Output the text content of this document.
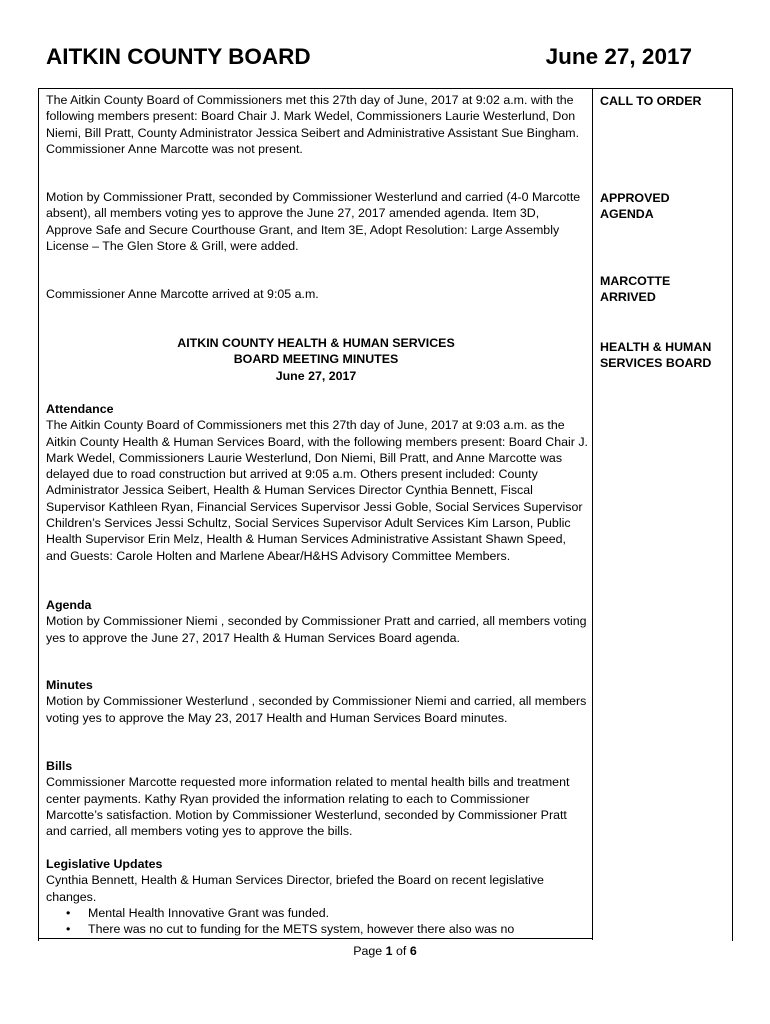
AITKIN COUNTY BOARD	June 27, 2017

The Aitkin County Board of Commissioners met this 27th day of June, 2017 at 9:02 a.m. with the following members present: Board Chair J. Mark Wedel, Commissioners Laurie Westerlund, Don Niemi, Bill Pratt, County Administrator Jessica Seibert and Administrative Assistant Sue Bingham. Commissioner Anne Marcotte was not present.

CALL TO ORDER

Motion by Commissioner Pratt, seconded by Commissioner Westerlund and carried (4-0 Marcotte absent), all members voting yes to approve the June 27, 2017 amended agenda. Item 3D, Approve Safe and Secure Courthouse Grant, and Item 3E, Adopt Resolution: Large Assembly License – The Glen Store & Grill, were added.

APPROVED
AGENDA

Commissioner Anne Marcotte arrived at 9:05 a.m.

MARCOTTE
ARRIVED
AITKIN COUNTY HEALTH & HUMAN SERVICES
BOARD MEETING MINUTES
June 27, 2017
HEALTH & HUMAN
SERVICES BOARD
Attendance

The Aitkin County Board of Commissioners met this 27th day of June, 2017 at 9:03 a.m. as the Aitkin County Health & Human Services Board, with the following members present: Board Chair J. Mark Wedel, Commissioners Laurie Westerlund, Don Niemi, Bill Pratt, and Anne Marcotte was delayed due to road construction but arrived at 9:05 a.m. Others present included: County Administrator Jessica Seibert, Health & Human Services Director Cynthia Bennett, Fiscal Supervisor Kathleen Ryan, Financial Services Supervisor Jessi Goble, Social Services Supervisor Children’s Services Jessi Schultz, Social Services Supervisor Adult Services Kim Larson, Public Health Supervisor Erin Melz, Health & Human Services Administrative Assistant Shawn Speed, and Guests: Carole Holten and Marlene Abear/H&HS Advisory Committee Members.

Agenda

Motion by Commissioner Niemi , seconded by Commissioner Pratt and carried, all members voting yes to approve the June 27, 2017 Health & Human Services Board agenda.

Minutes

Motion by Commissioner Westerlund , seconded by Commissioner Niemi and carried, all members voting yes to approve the May 23, 2017 Health and Human Services Board minutes.

Bills

Commissioner Marcotte requested more information related to mental health bills and treatment center payments. Kathy Ryan provided the information relating to each to Commissioner Marcotte’s satisfaction. Motion by Commissioner Westerlund, seconded by Commissioner Pratt and carried, all members voting yes to approve the bills.

Legislative Updates

Cynthia Bennett, Health & Human Services Director, briefed the Board on recent legislative changes.

• Mental Health Innovative Grant was funded.
• There was no cut to funding for the METS system, however there also was no
Page 1 of 6
